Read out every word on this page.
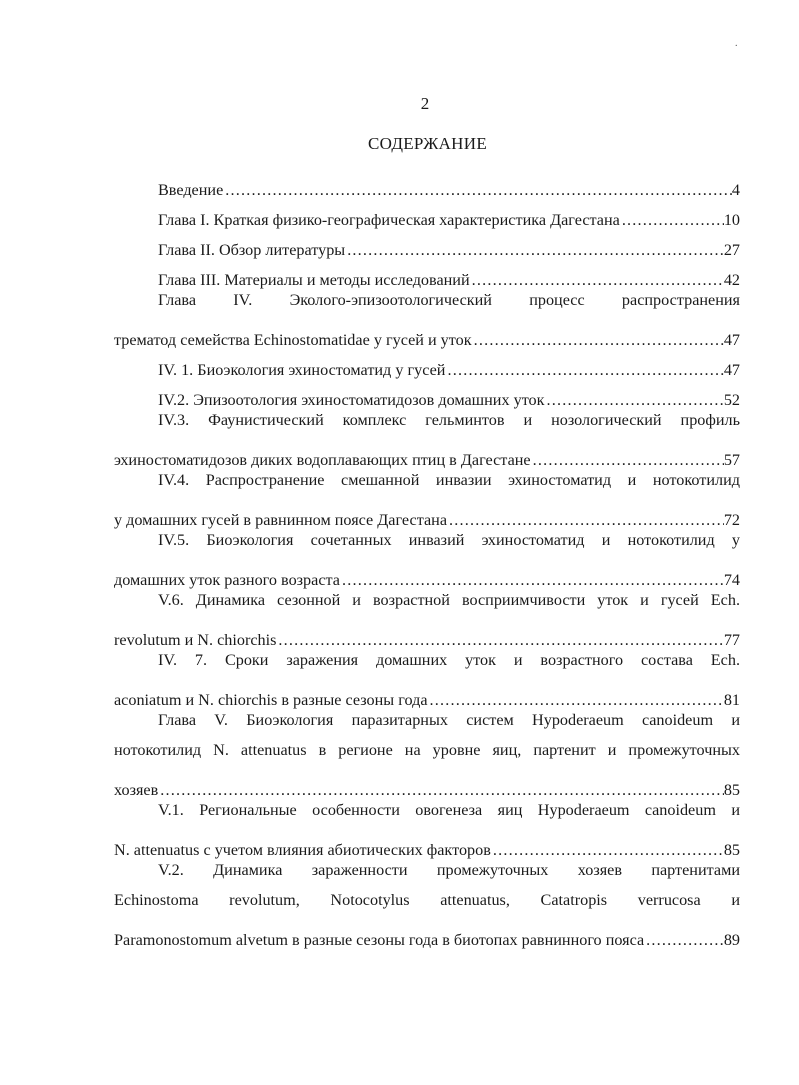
.
2
СОДЕРЖАНИЕ
Введение .....	4
Глава I. Краткая физико-географическая характеристика Дагестана .....	10
Глава II. Обзор литературы .....	27
Глава III. Материалы и методы исследований .....	42
Глава IV. Эколого-эпизоотологический процесс распространения
трематод семейства Echinostomatidae у гусей и уток .....	47
IV. 1. Биоэкология эхиностоматид у гусей .....	47
IV.2. Эпизоотология эхиностоматидозов домашних уток .....	52
IV.3. Фаунистический комплекс гельминтов и нозологический профиль
эхиностоматидозов диких водоплавающих птиц в Дагестане .....	57
IV.4. Распространение смешанной инвазии эхиностоматид и нотокотилид
у домашних гусей в равнинном поясе Дагестана .....	72
IV.5. Биоэкология сочетанных инвазий эхиностоматид и нотокотилид у
домашних уток разного возраста .....	74
V.6. Динамика сезонной и возрастной восприимчивости уток и гусей Ech.
revolutum и N. chiorchis .....	77
IV. 7. Сроки заражения домашних уток и возрастного состава Ech.
aconiatum и N. chiorchis в разные сезоны года .....	81
Глава V. Биоэкология паразитарных систем Hypoderaeum canoideum и
нотокотилид N. attenuatus в регионе на уровне яиц, партенит и промежуточных
хозяев .....	85
V.1. Региональные особенности овогенеза яиц Hypoderaeum canoideum и
N. attenuatus с учетом влияния абиотических факторов .....	85
V.2. Динамика зараженности промежуточных хозяев партенитами
Echinostoma revolutum, Notocotylus attenuatus, Catatropis verrucosa и
Paramonostomum alvetum в разные сезоны года в биотопах равнинного пояса .....	89
